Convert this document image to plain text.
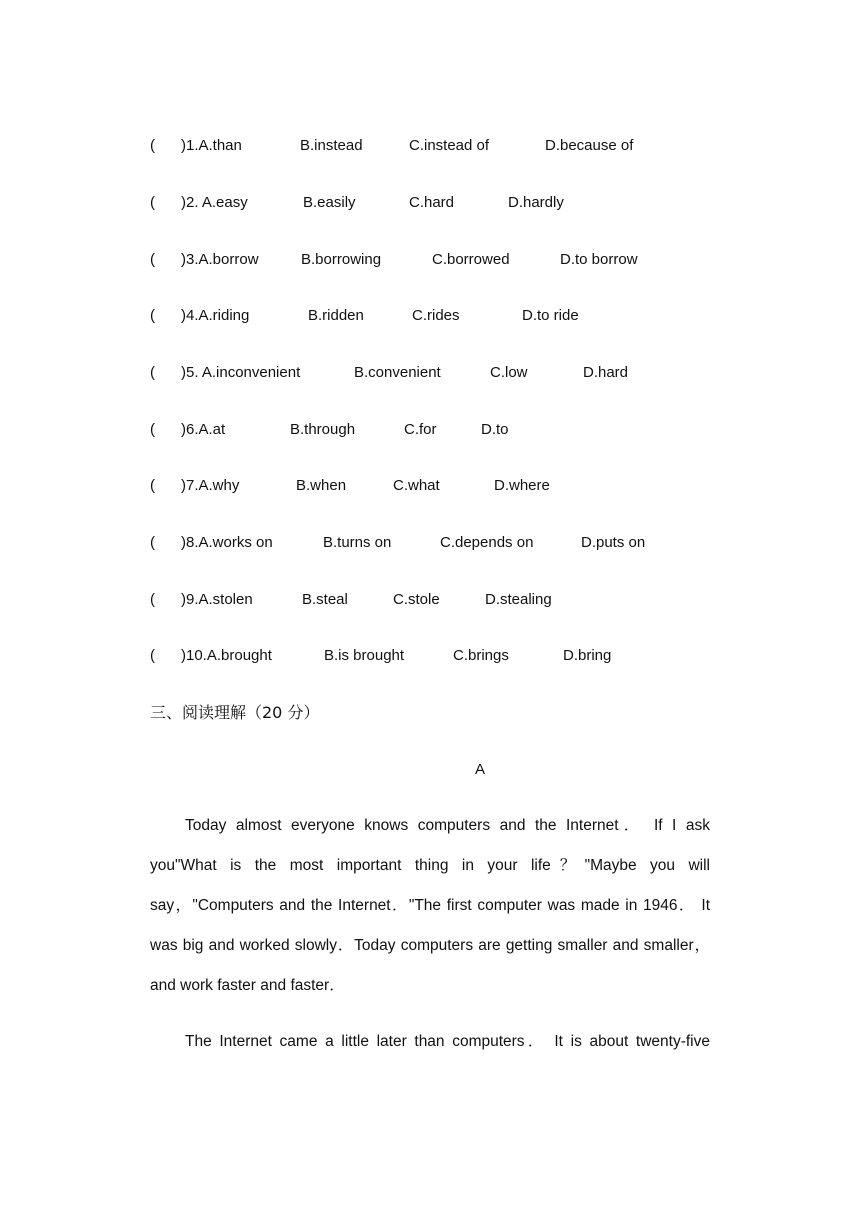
( )1.A.than	B.instead	C.instead of	D.because of
( )2. A.easy	B.easily	C.hard	D.hardly
( )3.A.borrow	B.borrowing	C.borrowed	D.to borrow
( )4.A.riding	B.ridden	C.rides	D.to ride
( )5. A.inconvenient	B.convenient	C.low	D.hard
( )6.A.at	B.through	C.for	D.to
( )7.A.why	B.when	C.what	D.where
( )8.A.works on	B.turns on	C.depends on	D.puts on
( )9.A.stolen	B.steal	C.stole	D.stealing
( )10.A.brought	B.is brought	C.brings	D.bring
三、阅读理解（20 分）
A
Today almost everyone knows computers and the Internet． If I ask you"What is the most important thing in your life？"Maybe you will say，"Computers and the Internet．"The first computer was made in 1946． It was big and worked slowly．Today computers are getting smaller and smaller，and work faster and faster．
The Internet came a little later than computers． It is about twenty-five
